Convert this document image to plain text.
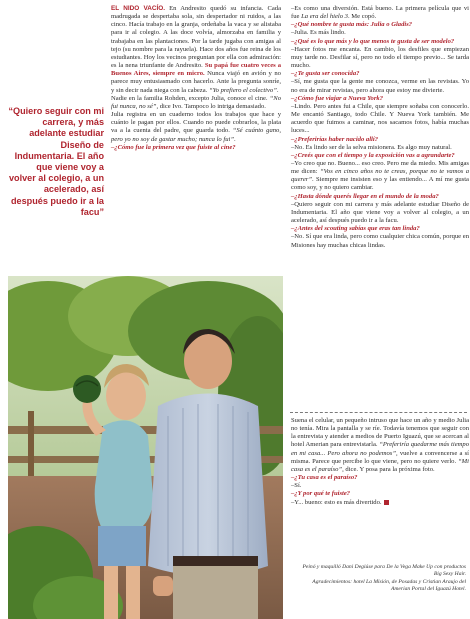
“Quiero seguir con mi carrera, y más adelante estudiar Diseño de Indumentaria. El año que viene voy a volver al colegio, a un acelerado, así después puedo ir a la facu”

EL NIDO VACÍO. En Andresito quedó su infancia. Cada madrugada se despertaba sola, sin despertador ni ruidos, a las cinco. Hacía trabajo en la granja, ordeñaba la vaca y se alistaba para ir al colegio. A las doce volvía, almorzaba en familia y trabajaba en las plantaciones. Por la tarde jugaba con amigas al tejo (su nombre para la rayuela). Hace dos años fue reina de los estudiantes. Hoy los vecinos preguntan por ella con admiración: es la nena triunfante de Andresito. Su papá fue cuatro veces a Buenos Aires, siempre en micro. Nunca viajó en avión y no parece muy entusiasmado con hacerlo. Ante la pregunta sonríe, y sin decir nada niega con la cabeza. “Yo prefiero el colectivo”.

Nadie en la familia Rohden, excepto Julia, conoce el cine. “No fui nunca, no sé”, dice Ivo. Tampoco lo intriga demasiado.

Julia registra en un cuaderno todos los trabajos que hace y cuánto le pagan por ellos. Cuando no puede cobrarlos, la plata va a la cuenta del padre, que guarda todo. “Sé cuánto gano, pero yo no soy de gastar mucho; nunca lo fui”.

–¿Cómo fue la primera vez que fuiste al cine?

–Es como una diversión. Está bueno. La primera película que vi fue La era del hielo 3. Me copó.

–¿Qué nombre te gusta más: Julia o Gladis?

–Julia. Es más lindo.

–¿Qué es lo que más y lo que menos te gusta de ser modelo?

–Hacer fotos me encanta. En cambio, los desfiles que empiezan muy tarde no. Desfilar sí, pero no todo el tiempo previo... Se tarda mucho.

–¿Te gusta ser conocida?

–Sí, me gusta que la gente me conozca, verme en las revistas. Yo no era de mirar revistas, pero ahora que estoy me divierte.

–¿Cómo fue viajar a Nueva York?

–Lindo. Pero antes fui a Chile, que siempre soñaba con conocerlo. Me encantó Santiago, todo Chile. Y Nueva York también. Me acuerdo que fuimos a caminar, nos sacamos fotos, había muchas luces...

–¿Preferirías haber nacido allí?

–No. Es lindo ser de la selva misionera. Es algo muy natural.

–¿Creés que con el tiempo y la exposición vas a agrandarte?

–Yo creo que no. Bueno... eso creo. Pero me da miedo. Mis amigas me dicen: “Vos en cinco años no te creas, porque no te vamos a querer”. Siempre me insisten eso y las entiendo... A mí me gusta como soy, y no quiero cambiar.

–¿Hasta dónde querés llegar en el mundo de la moda?

–Quiero seguir con mi carrera y más adelante estudiar Diseño de Indumentaria. El año que viene voy a volver al colegio, a un acelerado, así después puedo ir a la facu.

–¿Antes del scouting sabías que eras tan linda?

–No. Sí que era linda, pero como cualquier chica común, porque en Misiones hay muchas chicas lindas.

Suena el celular, un pequeño intruso que hace un año y medio Julia no tenía. Mira la pantalla y se ríe. Todavía tenemos que seguir con la entrevista y atender a medios de Puerto Iguazú, que se acercan al hotel Amerian para entrevistarla. “Preferiría quedarme más tiempo en mi casa... Pero ahora no podemos”, vuelve a convencerse a sí misma. Parece que percibe lo que viene, pero no quiere verlo. “Mi casa es el paraíso”, dice. Y posa para la próxima foto.

–¿Tu casa es el paraíso?

–Sí.

–¿Y por qué te fuiste?

–Y... bueno: esto es más divertido.

Peinó y maquilló Dani Degiúse para De la Vega Make Up con productos Big Sexy Hair.

Agradecimientos: hotel La Misión, de Posadas y Cristian Araujo del Amerian Portal del Iguazú Hotel.
